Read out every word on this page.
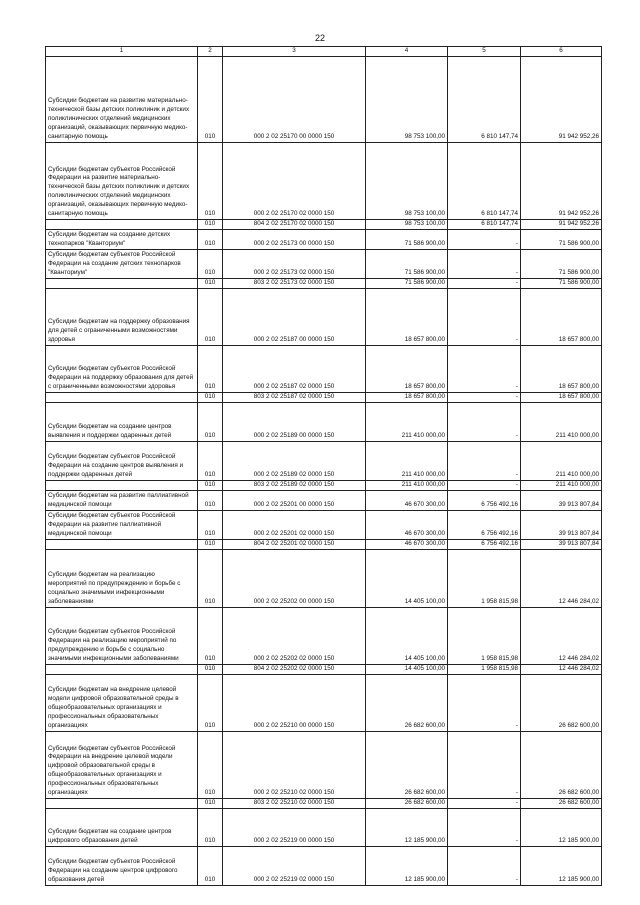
22
1	2	3	4	5	6
Субсидии бюджетам на развитие материально-технической базы детских поликлиник и детских поликлинических отделений медицинских организаций, оказывающих первичную медико-санитарную помощь	010	000 2 02 25170 00 0000 150	98 753 100,00	6 810 147,74	91 942 952,26
Субсидии бюджетам субъектов Российской Федерации на развитие материально-технической базы детских поликлиник и детских поликлинических отделений медицинских организаций, оказывающих первичную медико-санитарную помощь	010	000 2 02 25170 02 0000 150	98 753 100,00	6 810 147,74	91 942 952,26
	010	804 2 02 25170 02 0000 150	98 753 100,00	6 810 147,74	91 942 952,26
Субсидии бюджетам на создание детских технопарков "Кванториум"	010	000 2 02 25173 00 0000 150	71 586 900,00	-	71 586 900,00
Субсидии бюджетам субъектов Российской Федерации на создание детских технопарков "Кванториум"	010	000 2 02 25173 02 0000 150	71 586 900,00	-	71 586 900,00
	010	803 2 02 25173 02 0000 150	71 586 900,00	-	71 586 900,00
Субсидии бюджетам на поддержку образования для детей с ограниченными возможностями здоровья	010	000 2 02 25187 00 0000 150	18 657 800,00	-	18 657 800,00
Субсидии бюджетам субъектов Российской Федерации на поддержку образования для детей с ограниченными возможностями здоровья	010	000 2 02 25187 02 0000 150	18 657 800,00	-	18 657 800,00
	010	803 2 02 25187 02 0000 150	18 657 800,00	-	18 657 800,00
Субсидии бюджетам на создание центров выявления и поддержки одаренных детей	010	000 2 02 25189 00 0000 150	211 410 000,00	-	211 410 000,00
Субсидии бюджетам субъектов Российской Федерации на создание центров выявления и поддержки одаренных детей	010	000 2 02 25189 02 0000 150	211 410 000,00	-	211 410 000,00
	010	803 2 02 25189 02 0000 150	211 410 000,00	-	211 410 000,00
Субсидии бюджетам на развитие паллиативной медицинской помощи	010	000 2 02 25201 00 0000 150	46 670 300,00	6 756 492,16	39 913 807,84
Субсидии бюджетам субъектов Российской Федерации на развитие паллиативной медицинской помощи	010	000 2 02 25201 02 0000 150	46 670 300,00	6 756 492,16	39 913 807,84
	010	804 2 02 25201 02 0000 150	46 670 300,00	6 756 492,16	39 913 807,84
Субсидии бюджетам на реализацию мероприятий по предупреждению и борьбе с социально значимыми инфекционными заболеваниями	010	000 2 02 25202 00 0000 150	14 405 100,00	1 958 815,98	12 446 284,02
Субсидии бюджетам субъектов Российской Федерации на реализацию мероприятий по предупреждению и борьбе с социально значимыми инфекционными заболеваниями	010	000 2 02 25202 02 0000 150	14 405 100,00	1 958 815,98	12 446 284,02
	010	804 2 02 25202 02 0000 150	14 405 100,00	1 958 815,98	12 446 284,02
Субсидии бюджетам на внедрение целевой модели цифровой образовательной среды в общеобразовательных организациях и профессиональных образовательных организациях	010	000 2 02 25210 00 0000 150	26 682 600,00	-	26 682 600,00
Субсидии бюджетам субъектов Российской Федерации на внедрение целевой модели цифровой образовательной среды в общеобразовательных организациях и профессиональных образовательных организациях	010	000 2 02 25210 02 0000 150	26 682 600,00	-	26 682 600,00
	010	803 2 02 25210 02 0000 150	26 682 600,00	-	26 682 600,00
Субсидии бюджетам на создание центров цифрового образования детей	010	000 2 02 25219 00 0000 150	12 185 900,00	-	12 185 900,00
Субсидии бюджетам субъектов Российской Федерации на создание центров цифрового образования детей	010	000 2 02 25219 02 0000 150	12 185 900,00	-	12 185 900,00
